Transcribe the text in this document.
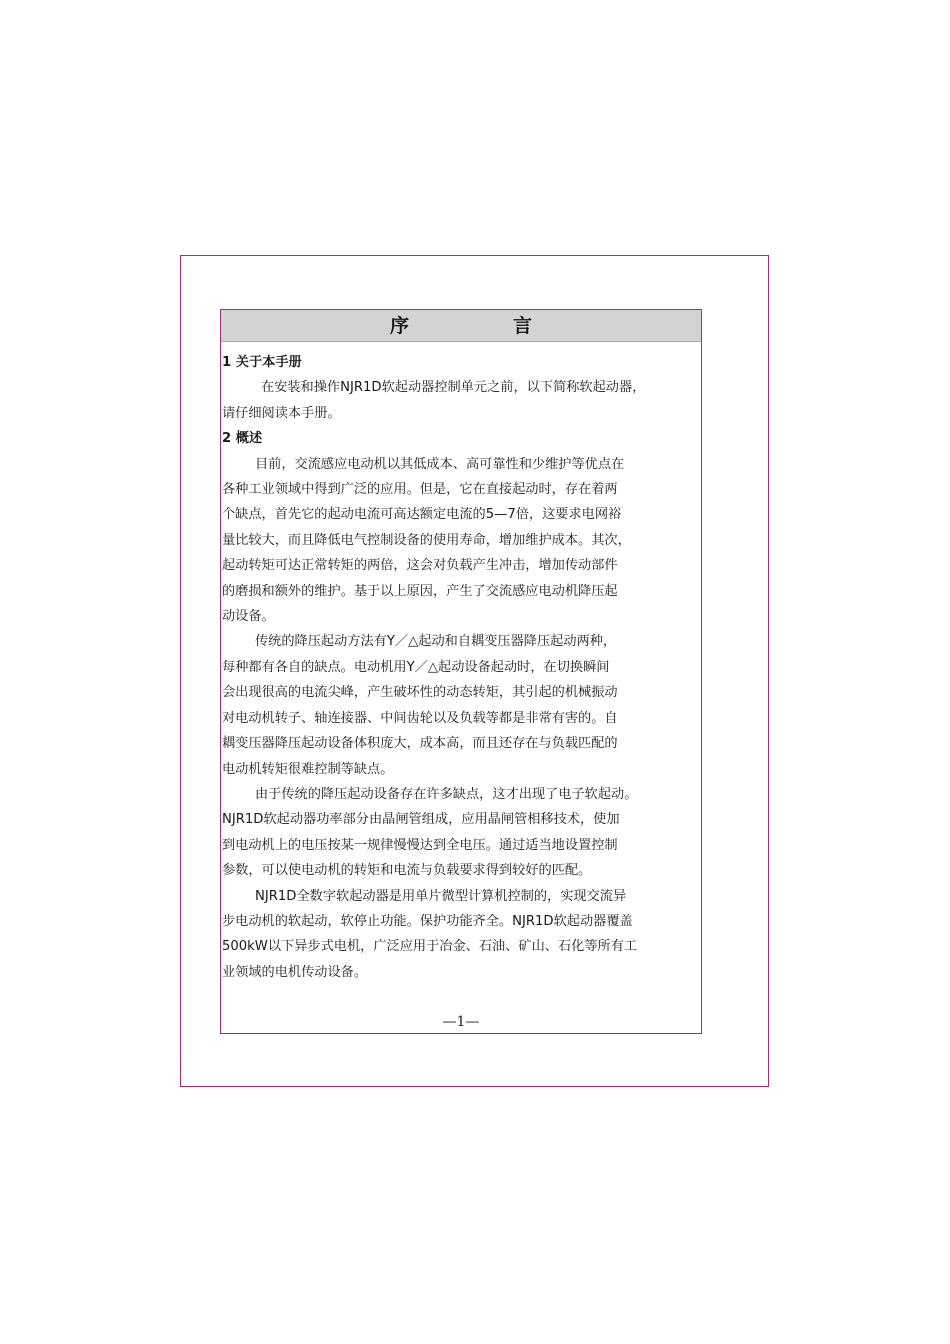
序	言

1 关于本手册

在安装和操作NJR1D软起动器控制单元之前，以下简称软起动器，

请仔细阅读本手册。

2 概述

目前，交流感应电动机以其低成本、高可靠性和少维护等优点在

各种工业领域中得到广泛的应用。但是，它在直接起动时，存在着两

个缺点，首先它的起动电流可高达额定电流的5—7倍，这要求电网裕

量比较大，而且降低电气控制设备的使用寿命，增加维护成本。其次，

起动转矩可达正常转矩的两倍，这会对负载产生冲击，增加传动部件

的磨损和额外的维护。基于以上原因，产生了交流感应电动机降压起

动设备。

传统的降压起动方法有Y／△起动和自耦变压器降压起动两种，

每种都有各自的缺点。电动机用Y／△起动设备起动时，在切换瞬间

会出现很高的电流尖峰，产生破坏性的动态转矩，其引起的机械振动

对电动机转子、轴连接器、中间齿轮以及负载等都是非常有害的。自

耦变压器降压起动设备体积庞大，成本高，而且还存在与负载匹配的

电动机转矩很难控制等缺点。

由于传统的降压起动设备存在许多缺点，这才出现了电子软起动。

NJR1D软起动器功率部分由晶闸管组成，应用晶闸管相移技术，使加

到电动机上的电压按某一规律慢慢达到全电压。通过适当地设置控制

参数，可以使电动机的转矩和电流与负载要求得到较好的匹配。

NJR1D全数字软起动器是用单片微型计算机控制的，实现交流异

步电动机的软起动，软停止功能。保护功能齐全。NJR1D软起动器覆盖

500kW以下异步式电机，广泛应用于冶金、石油、矿山、石化等所有工

业领域的电机传动设备。

—1—
